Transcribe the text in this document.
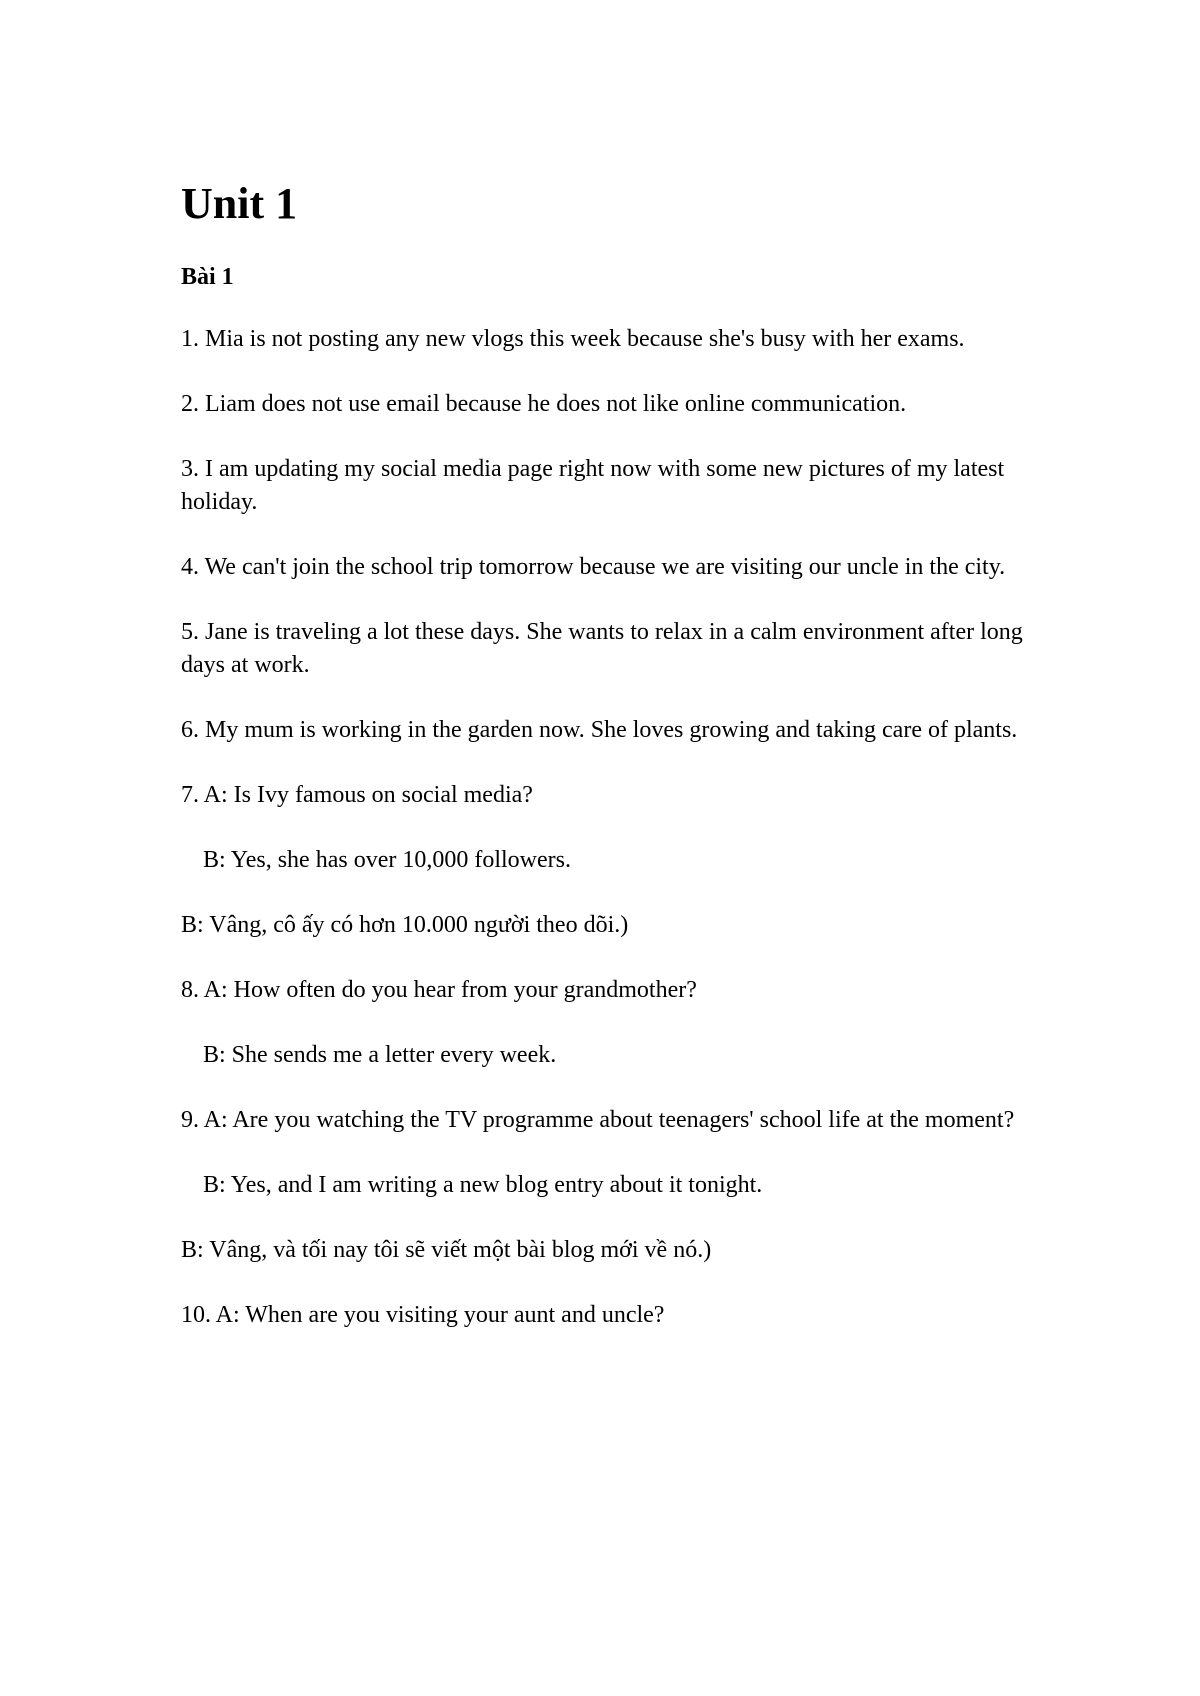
Unit 1
Bài 1
1. Mia is not posting any new vlogs this week because she's busy with her exams.
2. Liam does not use email because he does not like online communication.
3. I am updating my social media page right now with some new pictures of my latest holiday.
4. We can't join the school trip tomorrow because we are visiting our uncle in the city.
5. Jane is traveling a lot these days. She wants to relax in a calm environment after long days at work.
6. My mum is working in the garden now. She loves growing and taking care of plants.
7. A: Is Ivy famous on social media?
B: Yes, she has over 10,000 followers.
B: Vâng, cô ấy có hơn 10.000 người theo dõi.)
8. A: How often do you hear from your grandmother?
B: She sends me a letter every week.
9. A: Are you watching the TV programme about teenagers' school life at the moment?
B: Yes, and I am writing a new blog entry about it tonight.
B: Vâng, và tối nay tôi sẽ viết một bài blog mới về nó.)
10. A: When are you visiting your aunt and uncle?
